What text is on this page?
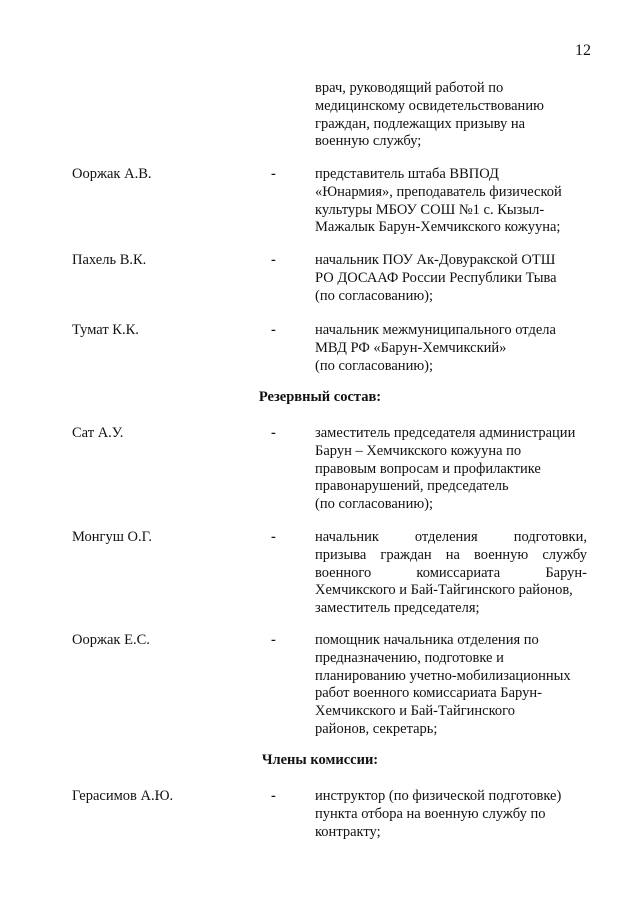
12
врач, руководящий работой по
медицинскому освидетельствованию
граждан, подлежащих призыву на
военную службу;
Ооржак А.В.	-	представитель штаба ВВПОД
«Юнармия», преподаватель физической
культуры МБОУ СОШ №1 с. Кызыл-
Мажалык Барун-Хемчикского кожууна;
Пахель В.К.	-	начальник ПОУ Ак-Довуракской ОТШ
РО ДОСААФ России Республики Тыва
(по согласованию);
Тумат К.К.	-	начальник межмуниципального отдела
МВД РФ «Барун-Хемчикский»
(по согласованию);
Резервный состав:
Сат А.У.	-	заместитель председателя администрации
Барун – Хемчикского кожууна по
правовым вопросам и профилактике
правонарушений, председатель
(по согласованию);
Монгуш О.Г.	-	начальник отделения подготовки,
призыва граждан на военную службу
военного комиссариата Барун-
Хемчикского и Бай-Тайгинского районов,
заместитель председателя;
Ооржак Е.С.	-	помощник начальника отделения по
предназначению, подготовке и
планированию учетно-мобилизационных
работ военного комиссариата Барун-
Хемчикского и Бай-Тайгинского
районов, секретарь;
Члены комиссии:
Герасимов А.Ю.	-	инструктор (по физической подготовке)
пункта отбора на военную службу по
контракту;
